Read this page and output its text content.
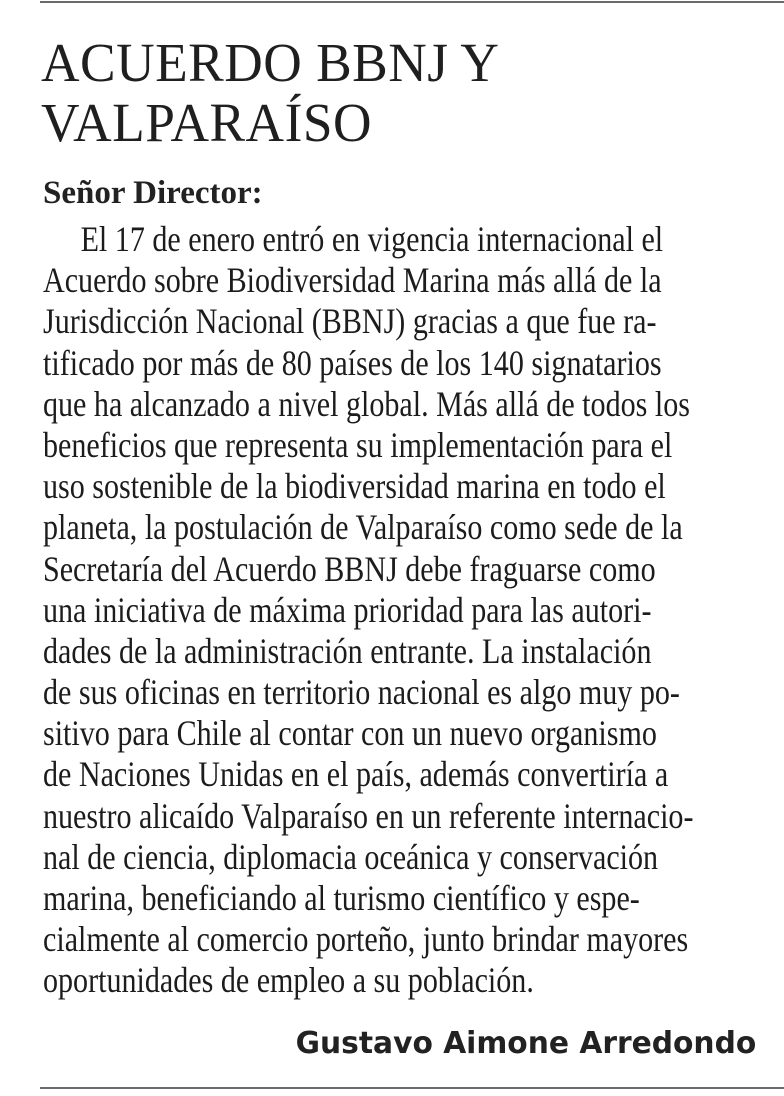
ACUERDO BBNJ Y
VALPARAÍSO

Señor Director:

El 17 de enero entró en vigencia internacional el
Acuerdo sobre Biodiversidad Marina más allá de la
Jurisdicción Nacional (BBNJ) gracias a que fue ra-
tificado por más de 80 países de los 140 signatarios
que ha alcanzado a nivel global. Más allá de todos los
beneficios que representa su implementación para el
uso sostenible de la biodiversidad marina en todo el
planeta, la postulación de Valparaíso como sede de la
Secretaría del Acuerdo BBNJ debe fraguarse como
una iniciativa de máxima prioridad para las autori-
dades de la administración entrante. La instalación
de sus oficinas en territorio nacional es algo muy po-
sitivo para Chile al contar con un nuevo organismo
de Naciones Unidas en el país, además convertiría a
nuestro alicaído Valparaíso en un referente internacio-
nal de ciencia, diplomacia oceánica y conservación
marina, beneficiando al turismo científico y espe-
cialmente al comercio porteño, junto brindar mayores
oportunidades de empleo a su población.

Gustavo Aimone Arredondo
